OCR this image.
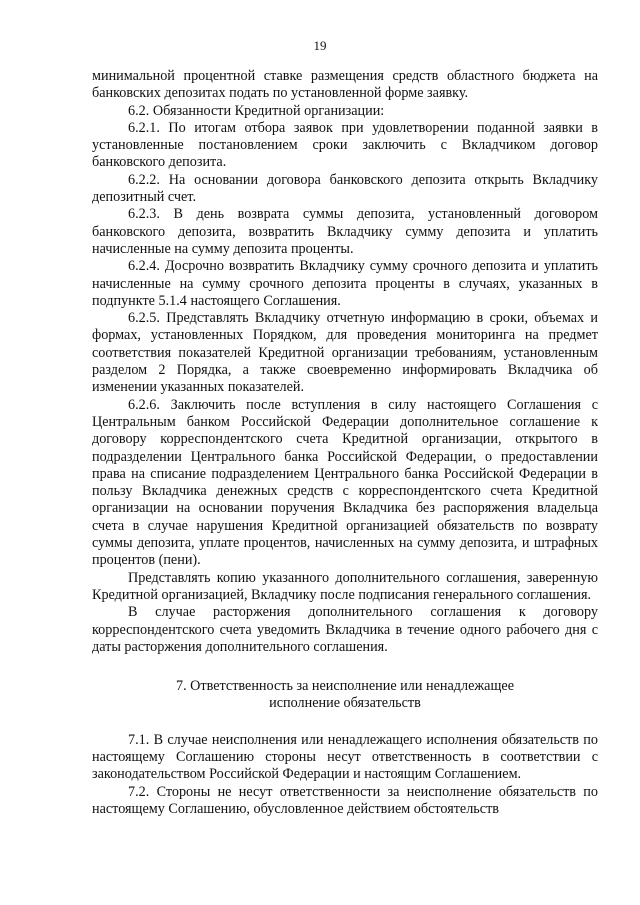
19

минимальной процентной ставке размещения средств областного бюджета на банковских депозитах подать по установленной форме заявку.

6.2. Обязанности Кредитной организации:

6.2.1. По итогам отбора заявок при удовлетворении поданной заявки в установленные постановлением сроки заключить с Вкладчиком договор банковского депозита.

6.2.2. На основании договора банковского депозита открыть Вкладчику депозитный счет.

6.2.3. В день возврата суммы депозита, установленный договором банковского депозита, возвратить Вкладчику сумму депозита и уплатить начисленные на сумму депозита проценты.

6.2.4. Досрочно возвратить Вкладчику сумму срочного депозита и уплатить начисленные на сумму срочного депозита проценты в случаях, указанных в подпункте 5.1.4 настоящего Соглашения.

6.2.5. Представлять Вкладчику отчетную информацию в сроки, объемах и формах, установленных Порядком, для проведения мониторинга на предмет соответствия показателей Кредитной организации требованиям, установленным разделом 2 Порядка, а также своевременно информировать Вкладчика об изменении указанных показателей.

6.2.6. Заключить после вступления в силу настоящего Соглашения с Центральным банком Российской Федерации дополнительное соглашение к договору корреспондентского счета Кредитной организации, открытого в подразделении Центрального банка Российской Федерации, о предоставлении права на списание подразделением Центрального банка Российской Федерации в пользу Вкладчика денежных средств с корреспондентского счета Кредитной организации на основании поручения Вкладчика без распоряжения владельца счета в случае нарушения Кредитной организацией обязательств по возврату суммы депозита, уплате процентов, начисленных на сумму депозита, и штрафных процентов (пени).

Представлять копию указанного дополнительного соглашения, заверенную Кредитной организацией, Вкладчику после подписания генерального соглашения.

В случае расторжения дополнительного соглашения к договору корреспондентского счета уведомить Вкладчика в течение одного рабочего дня с даты расторжения дополнительного соглашения.

7. Ответственность за неисполнение или ненадлежащее
исполнение обязательств

7.1. В случае неисполнения или ненадлежащего исполнения обязательств по настоящему Соглашению стороны несут ответственность в соответствии с законодательством Российской Федерации и настоящим Соглашением.

7.2. Стороны не несут ответственности за неисполнение обязательств по настоящему Соглашению, обусловленное действием обстоятельств
